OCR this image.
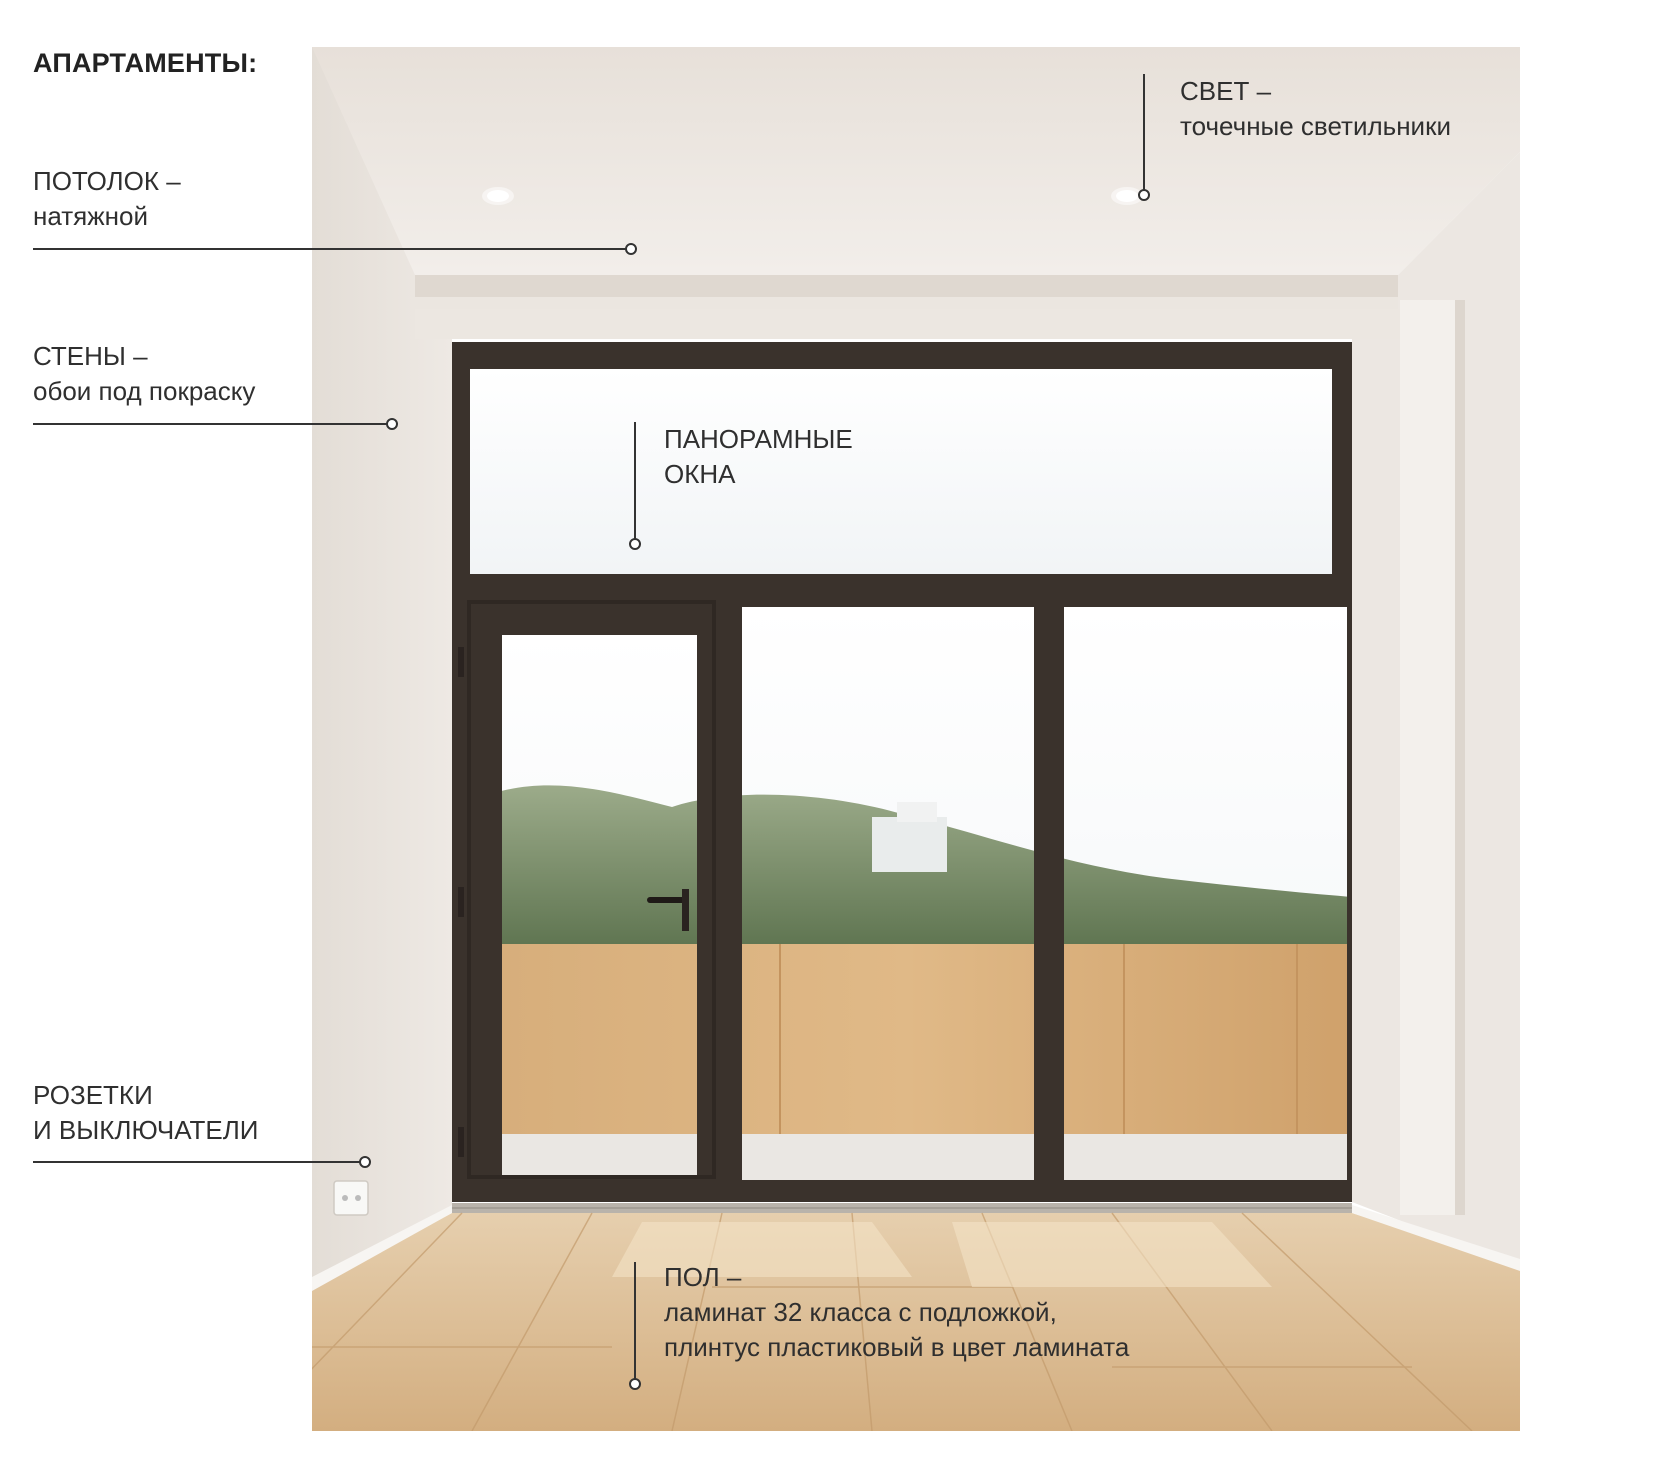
АПАРТАМЕНТЫ:
ПОТОЛОК –
натяжной
СТЕНЫ –
обои под покраску
РОЗЕТКИ
И ВЫКЛЮЧАТЕЛИ
СВЕТ –
точечные светильники
ПАНОРАМНЫЕ
ОКНА
ПОЛ –
ламинат 32 класса с подложкой,
плинтус пластиковый в цвет ламината
